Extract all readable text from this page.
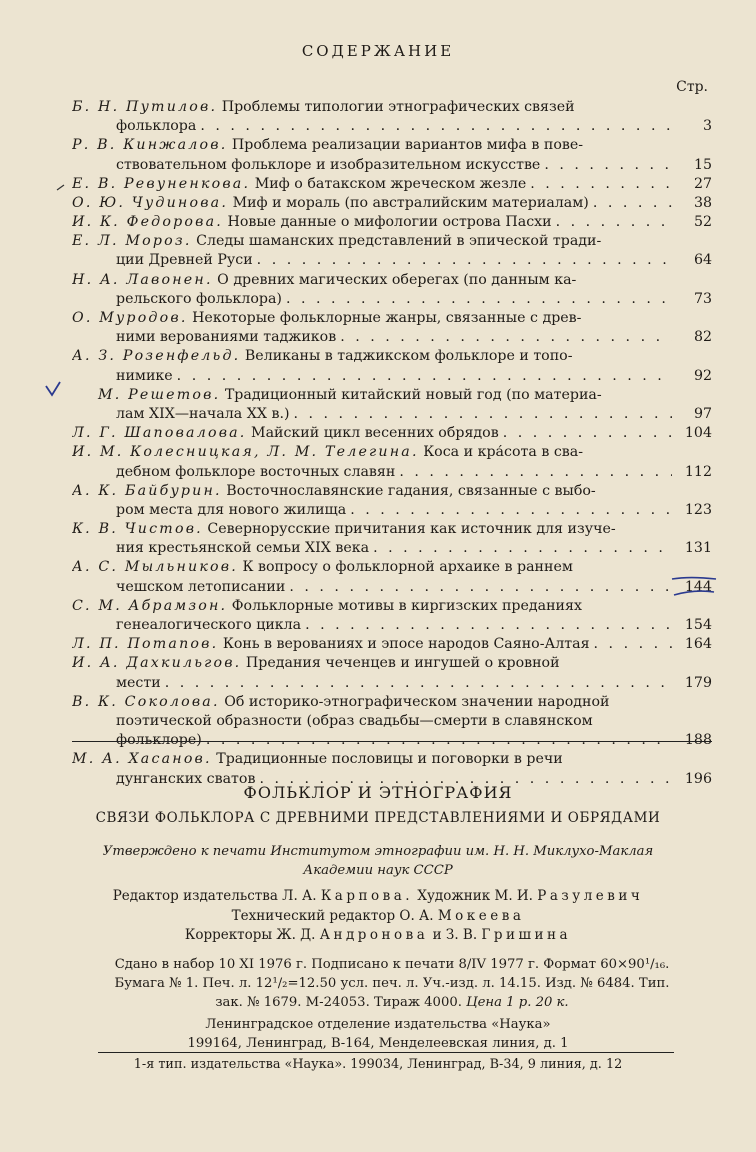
СОДЕРЖАНИЕ
Стр.
Б. Н. Путилов. Проблемы типологии этнографических связей
фольклора . . .	3
Р. В. Кинжалов. Проблема реализации вариантов мифа в пове-
ствовательном фольклоре и изобразительном искусстве . . .	15
Е. В. Ревуненкова. Миф о батакском жреческом жезле . . .	27
О. Ю. Чудинова. Миф и мораль (по австралийским материалам) . . .	38
И. К. Федорова. Новые данные о мифологии острова Пасхи . . .	52
Е. Л. Мороз. Следы шаманских представлений в эпической тради-
ции Древней Руси . . .	64
Н. А. Лавонен. О древних магических оберегах (по данным ка-
рельского фольклора) . . .	73
О. Муродов. Некоторые фольклорные жанры, связанные с древ-
ними верованиями таджиков . . .	82
А. З. Розенфельд. Великаны в таджикском фольклоре и топо-
нимике . . .	92
М. Решетов. Традиционный китайский новый год (по материа-
лам XIX—начала XX в.) . . .	97
Л. Г. Шаповалова. Майский цикл весенних обрядов . . .	104
И. М. Колесницкая, Л. М. Телегина. Коса и кра́сота в сва-
дебном фольклоре восточных славян . . .	112
А. К. Байбурин. Восточнославянские гадания, связанные с выбо-
ром места для нового жилища . . .	123
К. В. Чистов. Севернорусские причитания как источник для изуче-
ния крестьянской семьи XIX века . . .	131
А. С. Мыльников. К вопросу о фольклорной архаике в раннем
чешском летописании . . .	144
С. М. Абрамзон. Фольклорные мотивы в киргизских преданиях
генеалогического цикла . . .	154
Л. П. Потапов. Конь в верованиях и эпосе народов Саяно-Алтая . . .	164
И. А. Дахкильгов. Предания чеченцев и ингушей о кровной
мести . . .	179
В. К. Соколова. Об историко-этнографическом значении народной
поэтической образности (образ свадьбы—смерти в славянском
фольклоре) . . .	188
М. А. Хасанов. Традиционные пословицы и поговорки в речи
дунганских сватов . . .	196
ФОЛЬКЛОР И ЭТНОГРАФИЯ
СВЯЗИ ФОЛЬКЛОРА С ДРЕВНИМИ ПРЕДСТАВЛЕНИЯМИ И ОБРЯДАМИ
Утверждено к печати Институтом этнографии им. Н. Н. Миклухо-Маклая
Академии наук СССР
Редактор издательства Л. А. Карпова. Художник М. И. Разулевич
Технический редактор О. А. Мокеева
Корректоры Ж. Д. Андронова и З. В. Гришина
Сдано в набор 10 XI 1976 г. Подписано к печати 8/IV 1977 г. Формат 60×90¹/₁₆.
Бумага № 1. Печ. л. 12¹/₂=12.50 усл. печ. л. Уч.-изд. л. 14.15. Изд. № 6484. Тип.
зак. № 1679. М-24053. Тираж 4000. Цена 1 р. 20 к.
Ленинградское отделение издательства «Наука»
199164, Ленинград, В-164, Менделеевская линия, д. 1
1-я тип. издательства «Наука». 199034, Ленинград, В-34, 9 линия, д. 12
